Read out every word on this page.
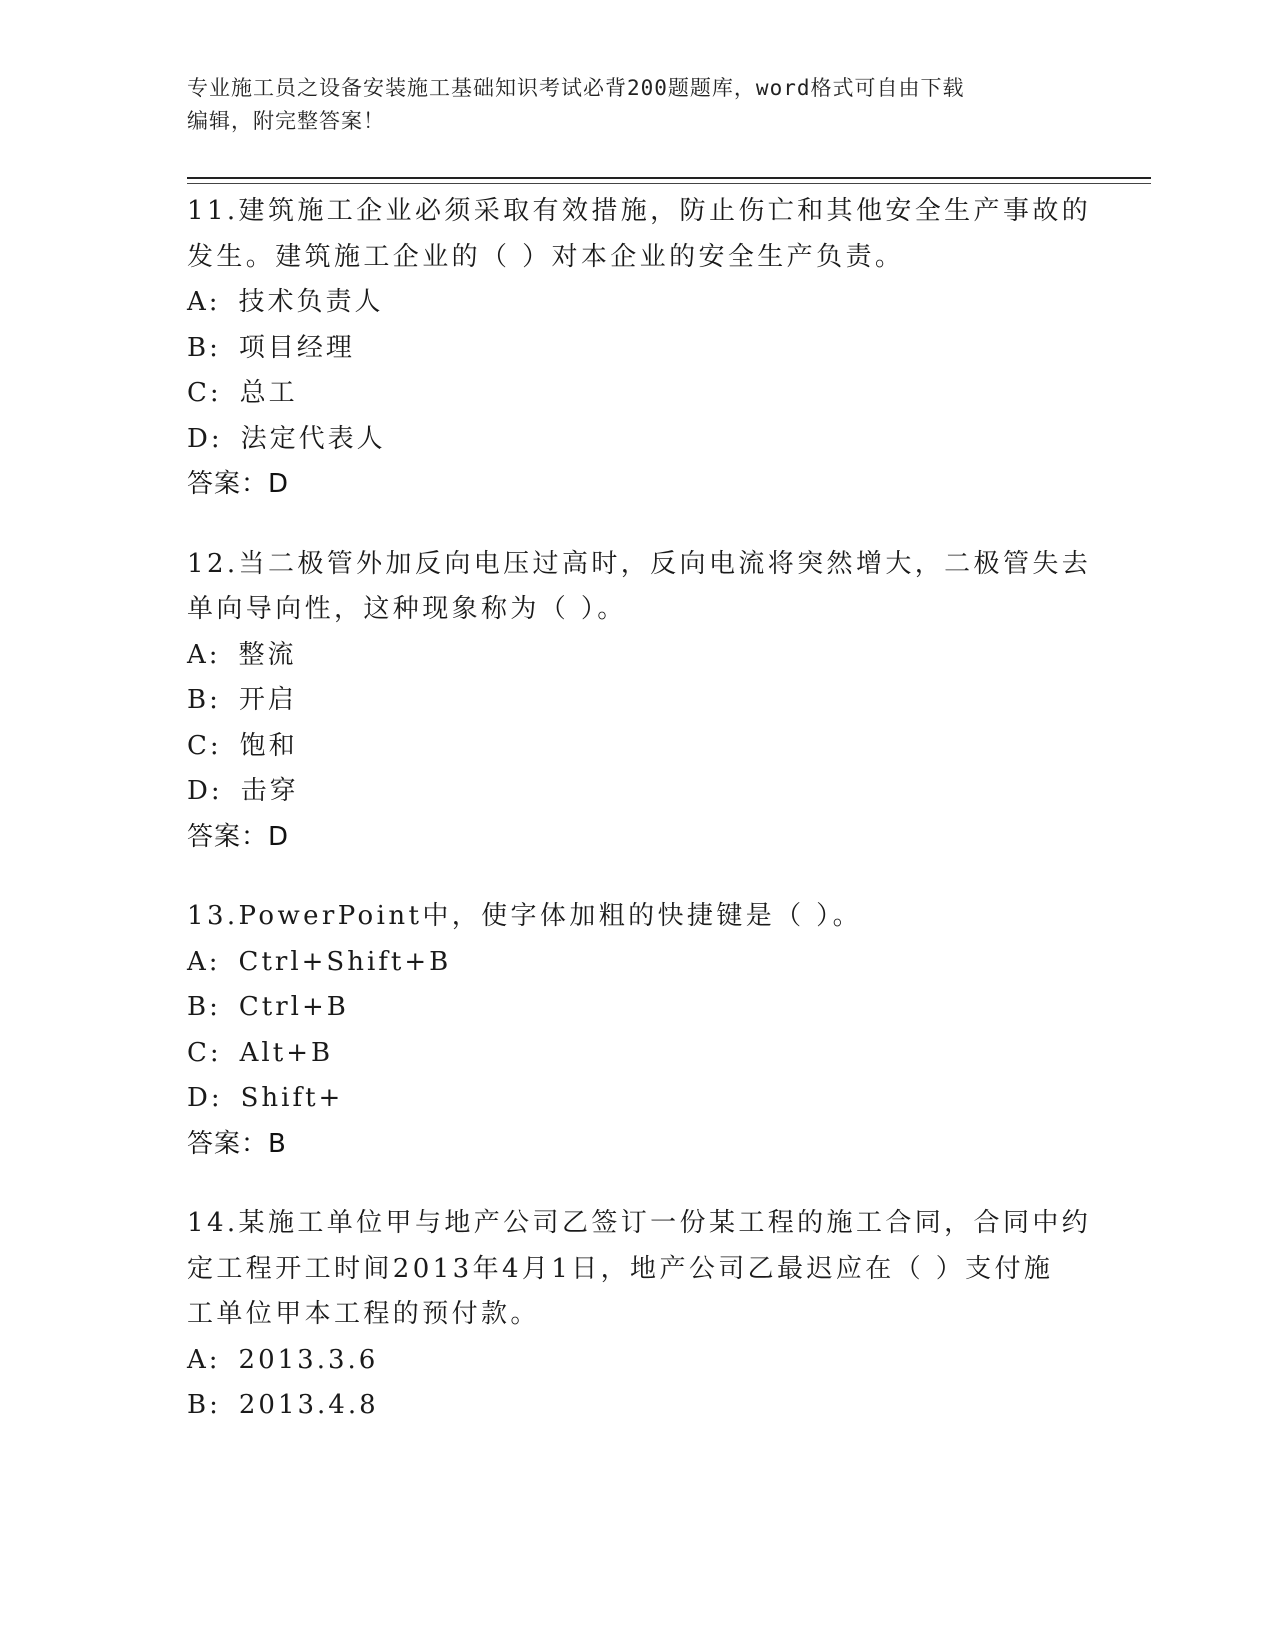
专业施工员之设备安装施工基础知识考试必背200题题库，word格式可自由下载
编辑，附完整答案！
11.建筑施工企业必须采取有效措施，防止伤亡和其他安全生产事故的
发生。建筑施工企业的（ ）对本企业的安全生产负责。
A: 技术负责人
B: 项目经理
C: 总工
D: 法定代表人
答案：D
12.当二极管外加反向电压过高时，反向电流将突然增大，二极管失去
单向导向性，这种现象称为（ ）。
A: 整流
B: 开启
C: 饱和
D: 击穿
答案：D
13.PowerPoint中，使字体加粗的快捷键是（ ）。
A: Ctrl+Shift+B
B: Ctrl+B
C: Alt+B
D: Shift+
答案：B
14.某施工单位甲与地产公司乙签订一份某工程的施工合同，合同中约
定工程开工时间2013年4月1日，地产公司乙最迟应在（ ）支付施
工单位甲本工程的预付款。
A: 2013.3.6
B: 2013.4.8
